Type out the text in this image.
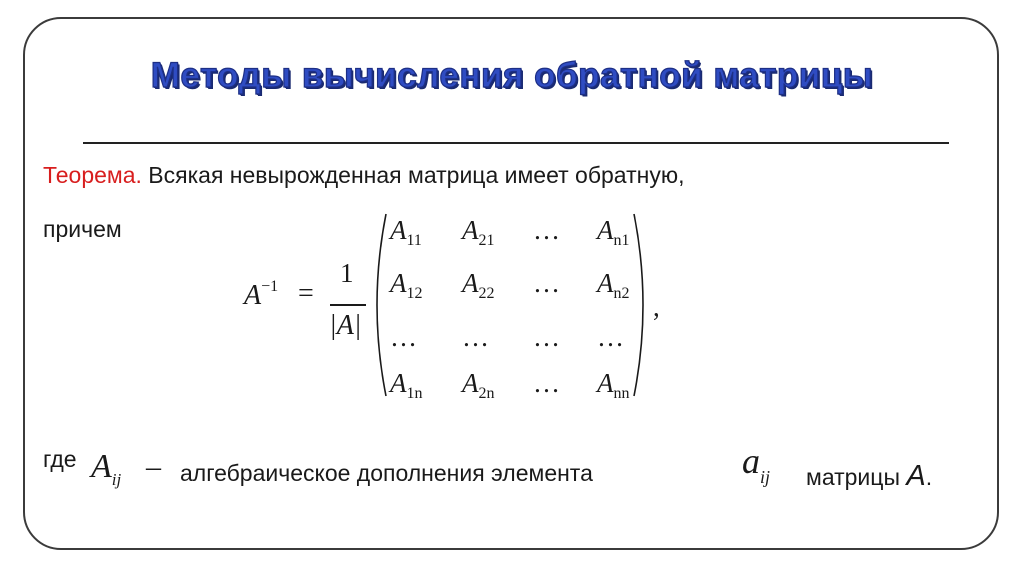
Методы вычисления обратной матрицы
Теорема. Всякая невырожденная матрица имеет обратную,
причем
$A^{-1}$ =
1
|A|
$A_{11}$	$A_{21}$	…	$A_{n1}$
$A_{12}$	$A_{22}$	…	$A_{n2}$
…	…	…	…
$A_{1n}$	$A_{2n}$	…	$A_{nn}$
,
где $A_{ij}$ – алгебраическое дополнения элемента	$a_{ij}$ матрицы A.
